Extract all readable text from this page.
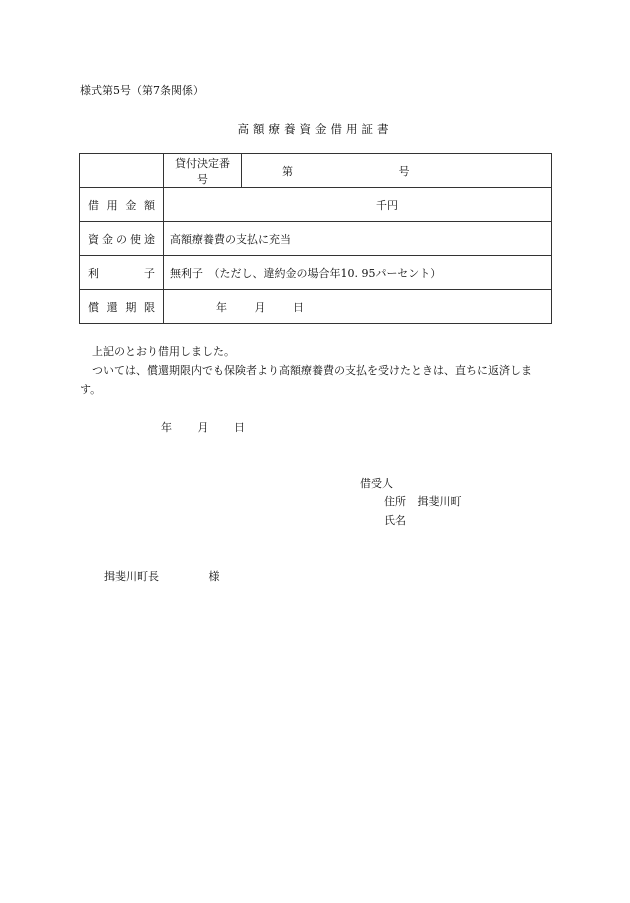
様式第5号（第7条関係）
高額療養資金借用証書
	貸付決定番号	第 号

借 用 金 額	千円	

資 金 の 使 途	高額療養費の支払に充当	

利 子	無利子　（ただし、違約金の場合年10. 95パーセント）	

償 還 期 限	年 月 日	
上記のとおり借用しました。
ついては、償還期限内でも保険者より高額療養費の支払を受けたときは、直ちに返済します。
年 月 日
借受人
住所 揖斐川町
氏名
揖斐川町長	様
